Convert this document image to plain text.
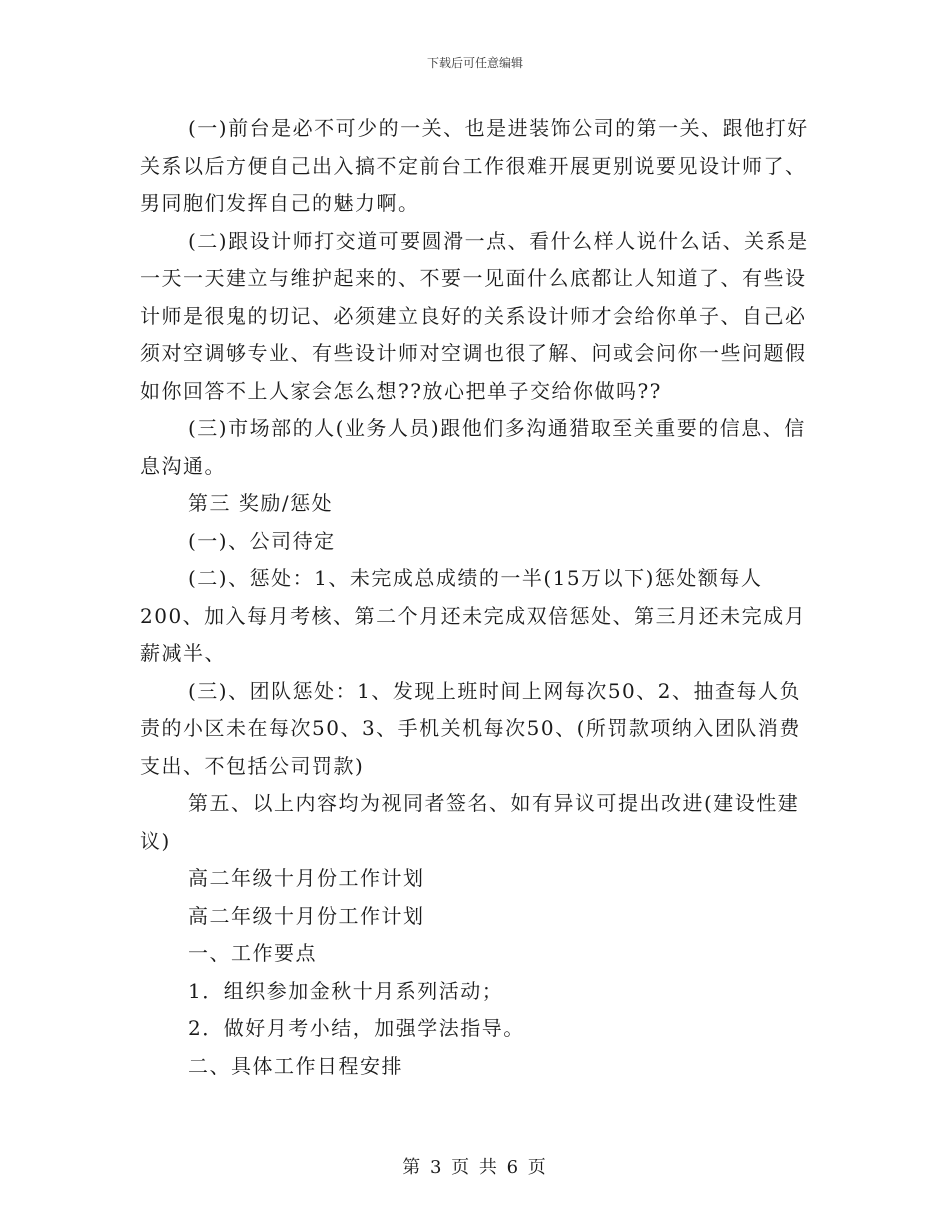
下载后可任意编辑

(一)前台是必不可少的一关、也是进装饰公司的第一关、跟他打好关系以后方便自己出入搞不定前台工作很难开展更别说要见设计师了、男同胞们发挥自己的魅力啊。

(二)跟设计师打交道可要圆滑一点、看什么样人说什么话、关系是一天一天建立与维护起来的、不要一见面什么底都让人知道了、有些设计师是很鬼的切记、必须建立良好的关系设计师才会给你单子、自己必须对空调够专业、有些设计师对空调也很了解、问或会问你一些问题假如你回答不上人家会怎么想??放心把单子交给你做吗??

(三)市场部的人(业务人员)跟他们多沟通猎取至关重要的信息、信息沟通。

第三 奖励/惩处

(一)、公司待定

(二)、惩处：1、未完成总成绩的一半(15万以下)惩处额每人200、加入每月考核、第二个月还未完成双倍惩处、第三月还未完成月薪减半、

(三)、团队惩处：1、发现上班时间上网每次50、2、抽查每人负责的小区未在每次50、3、手机关机每次50、(所罚款项纳入团队消费支出、不包括公司罚款)

第五、以上内容均为视同者签名、如有异议可提出改进(建设性建议)

高二年级十月份工作计划

高二年级十月份工作计划

一、工作要点

1．组织参加金秋十月系列活动；

2．做好月考小结，加强学法指导。

二、具体工作日程安排

第 3 页 共 6 页
